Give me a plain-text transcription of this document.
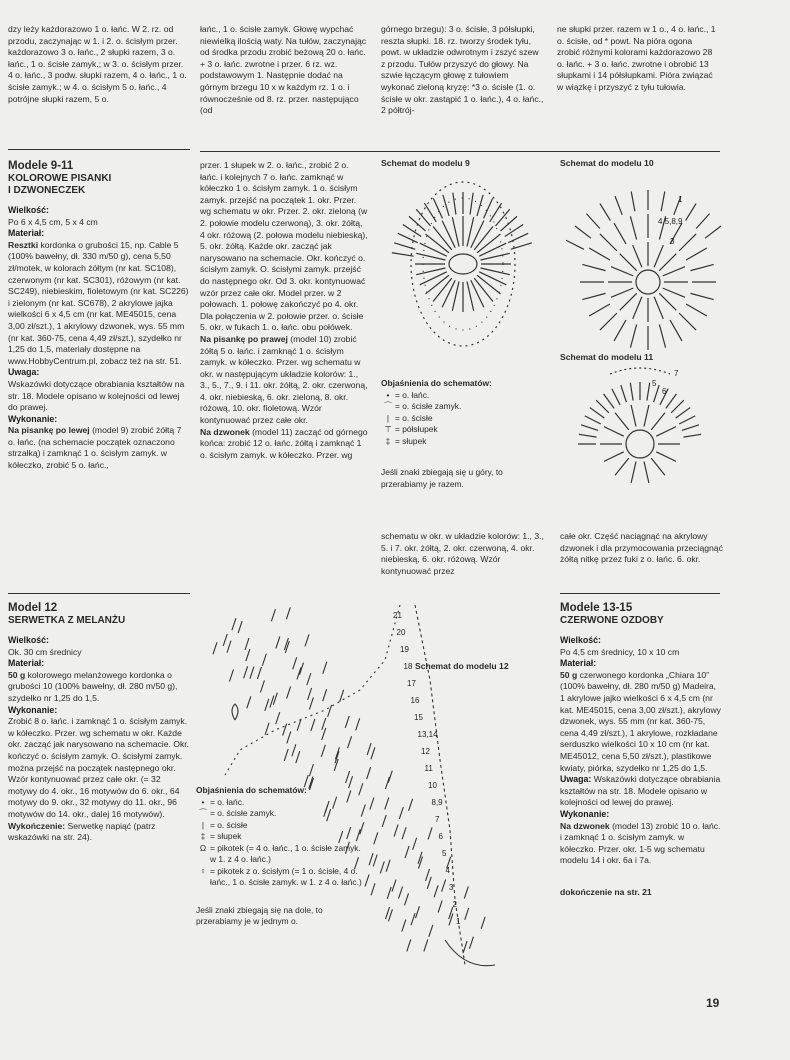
dzy leży każdorazowo 1 o. łańc. W 2. rz. od przodu, zaczynając w 1. i 2. o. ścisłym przer. każdorazowo 3 o. łańc., 2 słupki razem, 3 o. łańc., 1 o. ścisłe zamyk.; w 3. o. ścisłym przer. 4 o. łańc., 3 podw. słupki razem, 4 o. łańc., 1 o. ścisłe zamyk.; w 4. o. ścisłym 5 o. łańc., 4 potrójne słupki razem, 5 o.

łańc., 1 o. ścisłe zamyk. Głowę wypchać niewielką ilością waty. Na tułów, zaczynając od środka przodu zrobić beżową 20 o. łańc. + 3 o. łańc. zwrotne i przer. 6 rz. wz. podstawowym 1. Następnie dodać na górnym brzegu 10 x w każdym rz. 1 o. i równocześnie od 8. rz. przer. następująco (od

górnego brzegu): 3 o. ścisłe, 3 półsłupki, reszta słupki. 18. rz. tworzy środek tyłu, powt. w układzie odwrotnym i zszyć szew z przodu. Tułów przyszyć do głowy. Na szwie łączącym głowę z tułowiem wykonać zieloną kryzę: *3 o. ścisłe (1. o. ścisłe w okr. zastąpić 1 o. łańc.), 4 o. łańc., 2 półtrój-

ne słupki przer. razem w 1 o., 4 o. łańc., 1 o. ścisłe, od * powt. Na pióra ogona zrobić różnymi kolorami każdorazowo 28 o. łańc. + 3 o. łańc. zwrotne i obrobić 13 słupkami i 14 półsłupkami. Pióra związać w wiązkę i przyszyć z tyłu tułowia.

Modele 9-11
KOLOROWE PISANKI
I DZWONECZEK
Wielkość:

Po 6 x 4,5 cm, 5 x 4 cm

Materiał:

Resztki kordonka o grubości 15, np. Cable 5 (100% bawełny, dł. 330 m/50 g), cena 5,50 zł/motek, w kolorach żółtym (nr kat. SC108), czerwonym (nr kat. SC301), różowym (nr kat. SC249), niebieskim, fioletowym (nr kat. SC226) i zielonym (nr kat. SC678), 2 akrylowe jajka wielkości 6 x 4,5 cm (nr kat. ME45015, cena 3,00 zł/szt.), 1 akrylowy dzwonek, wys. 55 mm (nr kat. 360-75, cena 4,49 zł/szt.), szydełko nr 1,25 do 1,5, materiały dostępne na www.HobbyCentrum.pl, zobacz też na str. 51.

Uwaga:

Wskazówki dotyczące obrabiania kształtów na str. 18. Modele opisano w kolejności od lewej do prawej.

Wykonanie:

Na pisankę po lewej (model 9) zrobić żółtą 7 o. łańc. (na schemacie początek oznaczono strzałką) i zamknąć 1 o. ścisłym zamyk. w kółeczko, zrobić 5 o. łańc.,

przer. 1 słupek w 2. o. łańc., zrobić 2 o. łańc. i kolejnych 7 o. łańc. zamknąć w kółeczko 1 o. ścisłym zamyk. 1 o. ścisłym zamyk. przejść na początek 1. okr. Przer. wg schematu w okr. Przer. 2. okr. zieloną (w 2. połowie modelu czerwoną), 3. okr. żółtą, 4 okr. różową (2. połowa modelu niebieską), 5. okr. żółtą. Każde okr. zacząć jak narysowano na schemacie. Okr. kończyć o. ścisłym zamyk. O. ścisłymi zamyk. przejść do następnego okr. Od 3. okr. kontynuować wzór przez całe okr. Model przer. w 2 połowach. 1. połowę zakończyć po 4. okr. Dla połączenia w 2. połowie przer. o. ścisłe 5. okr. w fukach 1. o. łańc. obu połówek.

Na pisankę po prawej (model 10) zrobić żółtą 5 o. łańc. i zamknąć 1 o. ścisłym zamyk. w kółeczko. Przer. wg schematu w okr. w następującym układzie kolorów: 1., 3., 5., 7., 9. i 11. okr. żółtą, 2. okr. czerwoną, 4. okr. niebieską, 6. okr. zieloną, 8. okr. różową, 10. okr. fioletową. Wzór kontynuować przez całe okr.

Na dzwonek (model 11) zacząć od górnego końca: zrobić 12 o. łańc. żółtą i zamknąć 1 o. ścisłym zamyk. w kółeczko. Przer. wg

Schemat do modelu 9	Schemat do modelu 10
Schemat do modelu 11
1
4,5,8,9
3
7
5
6
Objaśnienia do schematów:
• = o. łańc.
⌒ = o. ścisłe zamyk.
| = o. ścisłe
⊤ = półsłupek
‡ = słupek

Jeśli znaki zbiegają się u góry, to przerabiamy je razem.

schematu w okr. w układzie kolorów: 1., 3., 5. i 7. okr. żółtą, 2. okr. czerwoną, 4. okr. niebieską, 6. okr. różową. Wzór kontynuować przez

całe okr. Część naciągnąć na akrylowy dzwonek i dla przymocowania przeciągnąć żółtą nitkę przez fuki z o. łańc. 6. okr.

Model 12
SERWETKA Z MELANŻU
Wielkość:

Ok. 30 cm średnicy

Materiał:

50 g kolorowego melanżowego kordonka o grubości 10 (100% bawełny, dł. 280 m/50 g), szydełko nr 1,25 do 1,5.

Wykonanie:

Zrobić 8 o. łańc. i zamknąć 1 o. ścisłym zamyk. w kółeczko. Przer. wg schematu w okr. Każde okr. zacząć jak narysowano na schemacie. Okr. kończyć o. ścisłym zamyk. O. ścisłymi zamyk. można przejść na początek następnego okr. Wzór kontynuować przez całe okr. (= 32 motywy do 4. okr., 16 motywów do 6. okr., 64 motywy do 9. okr., 32 motywy do 11. okr., 96 motywów do 14. okr., dalej 16 motywów).

Wykończenie: Serwetkę napiąć (patrz wskazówki na str. 24).

21
20
19
18
17
16
15
13,14
12
11
10
8,9
7
6
5
4
3
2
1
Schemat do modelu 12
Objaśnienia do schematów:
• = o. łańc.
⌒ = o. ścisłe zamyk.
| = o. ścisłe
‡ = słupek
Ω = pikotek (= 4 o. łańc., 1 o. ścisłe zamyk. w 1. z 4 o. łańc.)
♀ = pikotek z o. ścisłym (= 1 o. ścisłe, 4 o. łańc., 1 o. ścisłe zamyk. w 1. z 4 o. łańc.)

Jeśli znaki zbiegają się na dole, to przerabiamy je w jednym o.

Modele 13-15
CZERWONE OZDOBY
Wielkość:

Po 4,5 cm średnicy, 10 x 10 cm

Materiał:

50 g czerwonego kordonka „Chiara 10” (100% bawełny, dł. 280 m/50 g) Madeira, 1 akrylowe jajko wielkości 6 x 4,5 cm (nr kat. ME45015, cena 3,00 zł/szt.), akrylowy dzwonek, wys. 55 mm (nr kat. 360-75, cena 4,49 zł/szt.), 1 akrylowe, rozkładane serduszko wielkości 10 x 10 cm (nr kat. ME45012, cena 5,50 zł/szt.), plastikowe kwiaty, piórka, szydełko nr 1,25 do 1,5.

Uwaga: Wskazówki dotyczące obrabiania kształtów na str. 18. Modele opisano w kolejności od lewej do prawej.

Wykonanie:

Na dzwonek (model 13) zrobić 10 o. łańc. i zamknąć 1 o. ścisłym zamyk. w kółeczko. Przer. okr. 1-5 wg schematu modelu 14 i okr. 6a i 7a.

dokończenie na str. 21

19
